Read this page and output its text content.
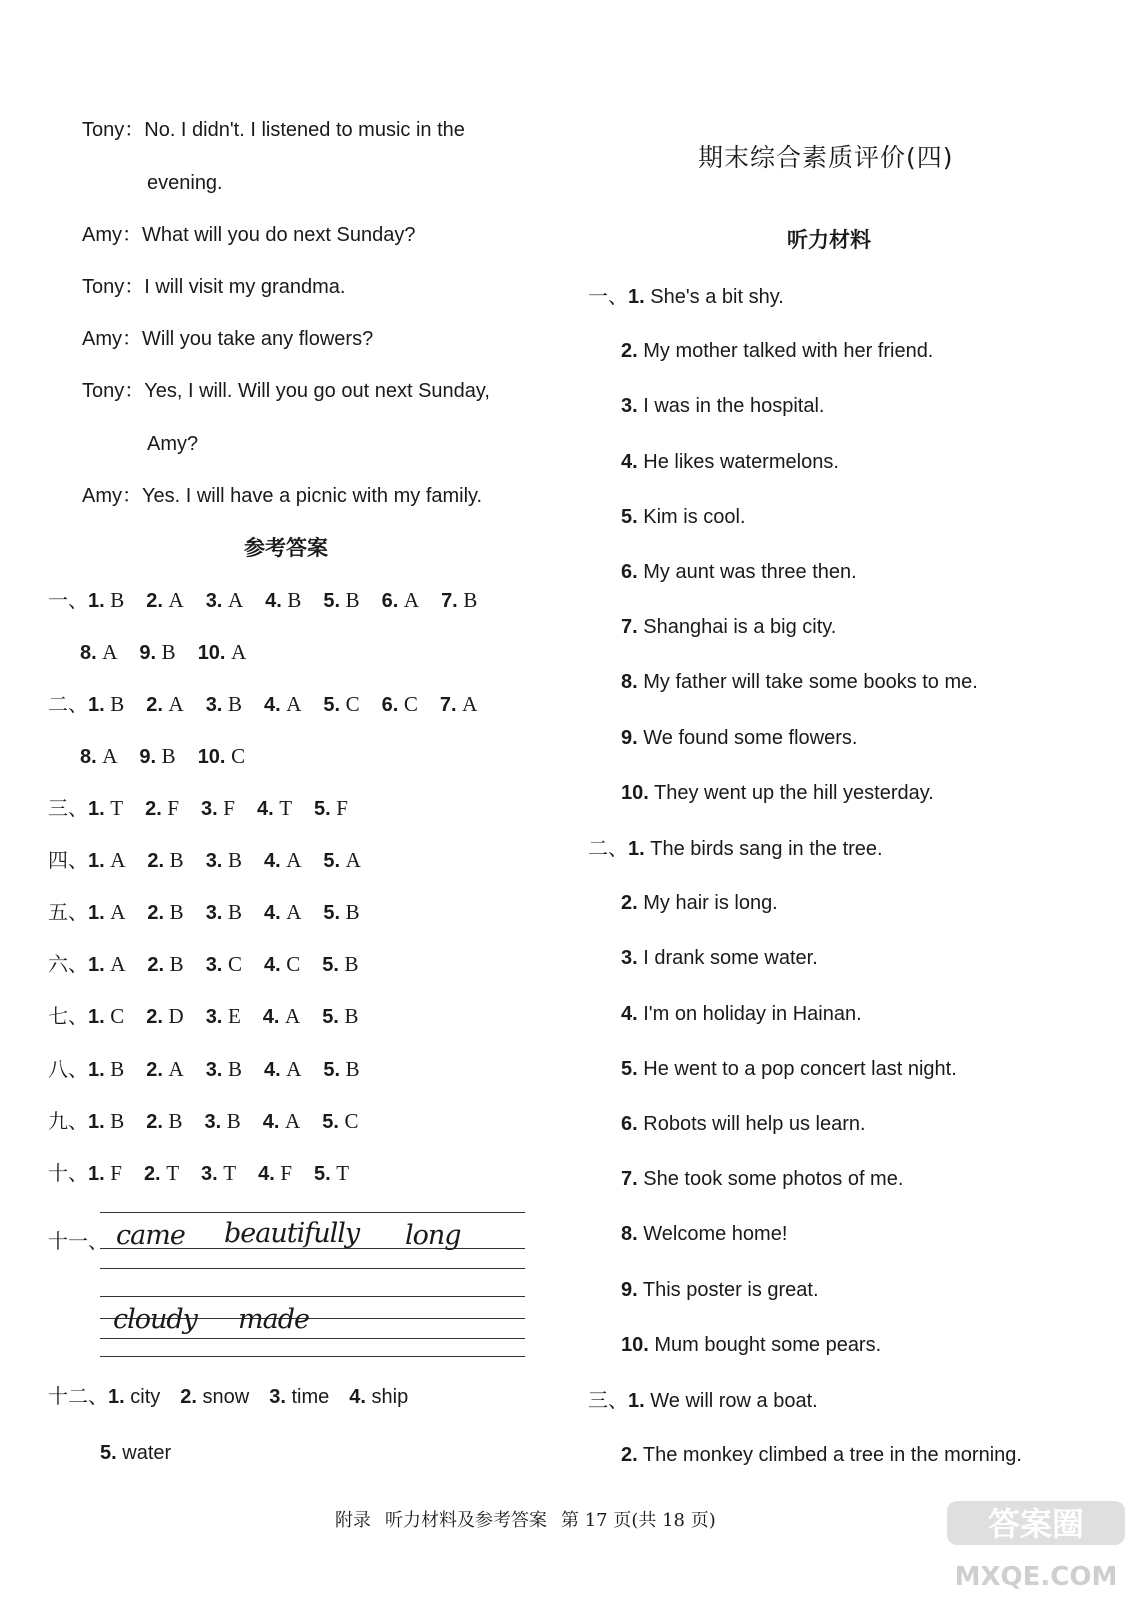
Tony：No. I didn't. I listened to music in the
evening.
Amy：What will you do next Sunday?
Tony：I will visit my grandma.
Amy：Will you take any flowers?
Tony：Yes, I will. Will you go out next Sunday,
Amy?
Amy：Yes. I will have a picnic with my family.
参考答案
一、1. B 2. A 3. A 4. B 5. B 6. A 7. B
8. A 9. B 10. A
二、1. B 2. A 3. B 4. A 5. C 6. C 7. A
8. A 9. B 10. C
三、1. T 2. F 3. F 4. T 5. F
四、1. A 2. B 3. B 4. A 5. A
五、1. A 2. B 3. B 4. A 5. B
六、1. A 2. B 3. C 4. C 5. B
七、1. C 2. D 3. E 4. A 5. B
八、1. B 2. A 3. B 4. A 5. B
九、1. B 2. B 3. B 4. A 5. C
十、1. F 2. T 3. T 4. F 5. T
十一、 came beautifully long
cloudy made
十二、1. city 2. snow 3. time 4. ship
5. water
期末综合素质评价(四)
听力材料
一、1. She's a bit shy.
2. My mother talked with her friend.
3. I was in the hospital.
4. He likes watermelons.
5. Kim is cool.
6. My aunt was three then.
7. Shanghai is a big city.
8. My father will take some books to me.
9. We found some flowers.
10. They went up the hill yesterday.
二、1. The birds sang in the tree.
2. My hair is long.
3. I drank some water.
4. I'm on holiday in Hainan.
5. He went to a pop concert last night.
6. Robots will help us learn.
7. She took some photos of me.
8. Welcome home!
9. This poster is great.
10. Mum bought some pears.
三、1. We will row a boat.
2. The monkey climbed a tree in the morning.
附录 听力材料及参考答案 第 17 页(共 18 页)	答案圈
MXQE.COM
